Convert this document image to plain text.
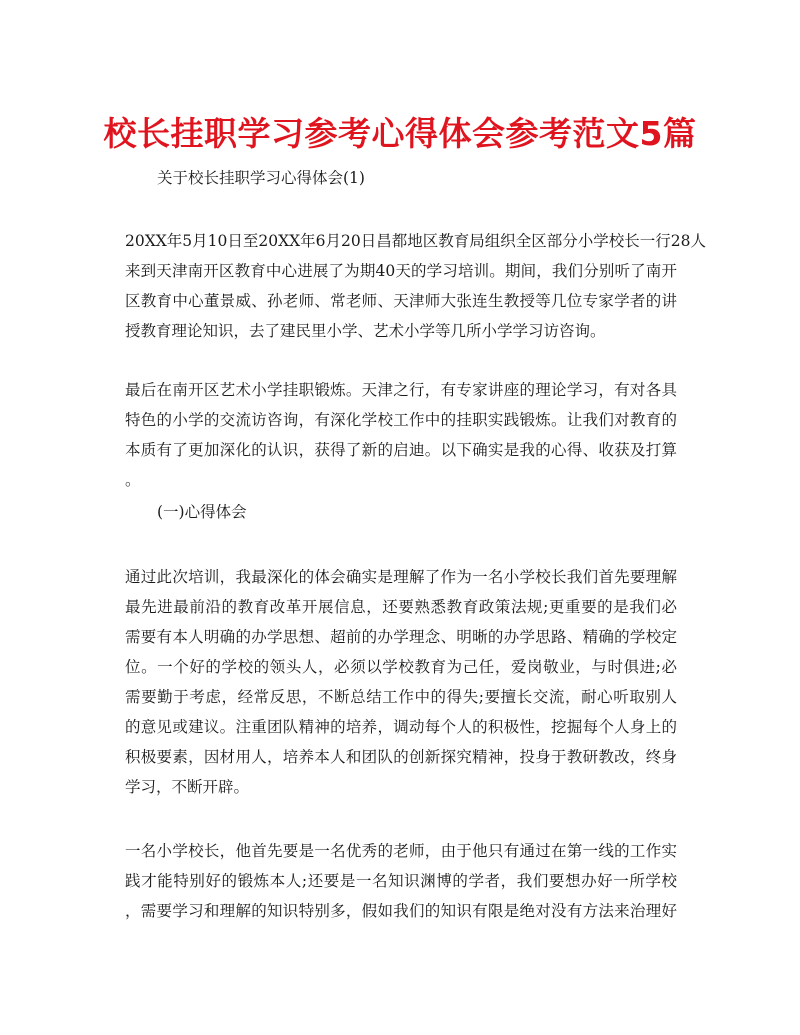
校长挂职学习参考心得体会参考范文5篇
关于校长挂职学习心得体会(1)
20XX年5月10日至20XX年6月20日昌都地区教育局组织全区部分小学校长一行28人
来到天津南开区教育中心进展了为期40天的学习培训。期间，我们分别听了南开
区教育中心董景威、孙老师、常老师、天津师大张连生教授等几位专家学者的讲
授教育理论知识，去了建民里小学、艺术小学等几所小学学习访咨询。
最后在南开区艺术小学挂职锻炼。天津之行，有专家讲座的理论学习，有对各具
特色的小学的交流访咨询，有深化学校工作中的挂职实践锻炼。让我们对教育的
本质有了更加深化的认识，获得了新的启迪。以下确实是我的心得、收获及打算
。
(一)心得体会
通过此次培训，我最深化的体会确实是理解了作为一名小学校长我们首先要理解
最先进最前沿的教育改革开展信息，还要熟悉教育政策法规;更重要的是我们必
需要有本人明确的办学思想、超前的办学理念、明晰的办学思路、精确的学校定
位。一个好的学校的领头人，必须以学校教育为己任，爱岗敬业，与时俱进;必
需要勤于考虑，经常反思，不断总结工作中的得失;要擅长交流，耐心听取别人
的意见或建议。注重团队精神的培养，调动每个人的积极性，挖掘每个人身上的
积极要素，因材用人，培养本人和团队的创新探究精神，投身于教研教改，终身
学习，不断开辟。
一名小学校长，他首先要是一名优秀的老师，由于他只有通过在第一线的工作实
践才能特别好的锻炼本人;还要是一名知识渊博的学者，我们要想办好一所学校
，需要学习和理解的知识特别多，假如我们的知识有限是绝对没有方法来治理好
